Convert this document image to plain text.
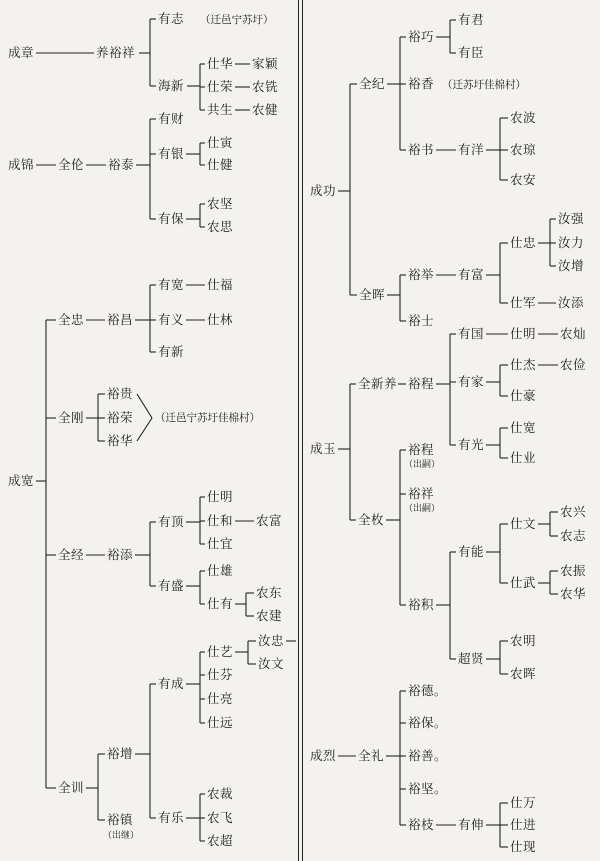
成章	养裕祥
有志 （迁邑宁苏圩）
海新
仕华 家颖
仕荣 农铣
共生 农健
成锦 全伦 裕泰
有财
有银
仕寅
仕健
有保
农坚
农思
成宽
全忠 裕昌
有宽 仕福
有义 仕林
有新
全刚
裕贵
裕荣
裕华
（迁邑宁苏圩佳棉村）
全经 裕添
有顶
仕明
仕和 农富
仕宜
有盛
仕雄
仕有
农东
农建
全训
裕增
有成
仕艺
汝忠
汝文
仕芬
仕亮
仕远
有乐
农裁
农飞
农超
裕镇
（出继）
成功
全纪
裕巧
有君
有臣
裕香 （迁苏圩佳棉村）
裕书 有洋
农波
农琼
农安
全晖
裕举 有富
仕忠
汝强
汝力
汝增
仕军 汝添
裕士
成玉
全新养 裕程
有国 仕明 农灿
有家
仕杰 农俭
仕豪
有光
仕宽
仕业
全枚
裕程
（出嗣）
裕祥
（出嗣）
裕积
有能
仕文
农兴
农志
仕武
农振
农华
超贤
农明
农晖
成烈 全礼
裕德。
裕保。
裕善。
裕坚。
裕枝 有伸
仕万
仕进
仕现
